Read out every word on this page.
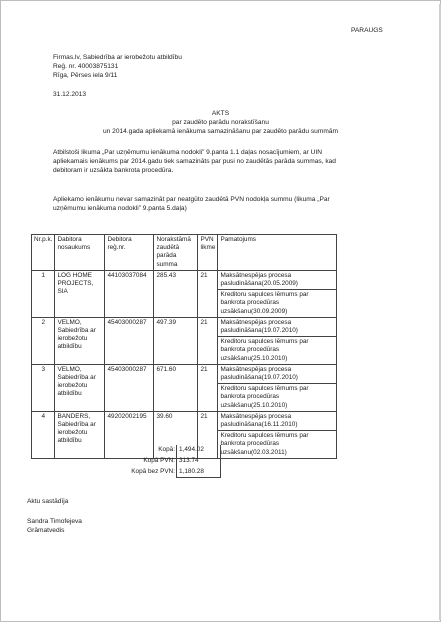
PARAUGS
Firmas.lv, Sabiedrība ar ierobežotu atbildību
Reģ. nr. 40003875131
Rīga, Pērses iela 9/11
31.12.2013
AKTS
par zaudēto parādu norakstīšanu
un 2014.gada apliekamā ienākuma samazināšanu par zaudēto parādu summām
Atbilstoši likuma „Par uzņēmumu ienākuma nodokli” 9.panta 1.1 daļas nosacījumiem, ar UIN
apliekamais ienākums par 2014.gadu tiek samazināts par pusi no zaudētās parāda summas, kad
debitoram ir uzsākta bankrota procedūra.
Apliekamo ienākumu nevar samazināt par neatgūto zaudētā PVN nodokļa summu (likuma „Par
uzņēmumu ienākuma nodokli” 9.panta 5.daļa)
Nr.p.k.	Dabitora nosaukums	Debitora reģ.nr.	Norakstāmā zaudētā parāda summa	PVN likme	Pamatojums
1	LOG HOME PROJECTS, SIA	44103037084	285.43	21	Maksātnespējas procesa pasludināšana(20.05.2009)
					Kreditoru sapulces lēmums par bankrota procedūras uzsākšanu(30.09.2009)
2	VELMO, Sabiedrība ar ierobežotu atbildību	45403000287	497.39	21	Maksātnespējas procesa pasludināšana(19.07.2010)
					Kreditoru sapulces lēmums par bankrota procedūras uzsākšanu(25.10.2010)
3	VELMO, Sabiedrība ar ierobežotu atbildību	45403000287	671.60	21	Maksātnespējas procesa pasludināšana(19.07.2010)
					Kreditoru sapulces lēmums par bankrota procedūras uzsākšanu(25.10.2010)
4	BANDERS, Sabiedrība ar ierobežotu atbildību	49202002195	39.60	21	Maksātnespējas procesa pasludināšana(16.11.2010)
					Kreditoru sapulces lēmums par bankrota procedūras uzsākšanu(02.03.2011)
Kopā: 1,494.02
Kopā PVN: 313.74
Kopā bez PVN: 1,180.28
Aktu sastādīja
Sandra Timofejeva
Grāmatvedis
